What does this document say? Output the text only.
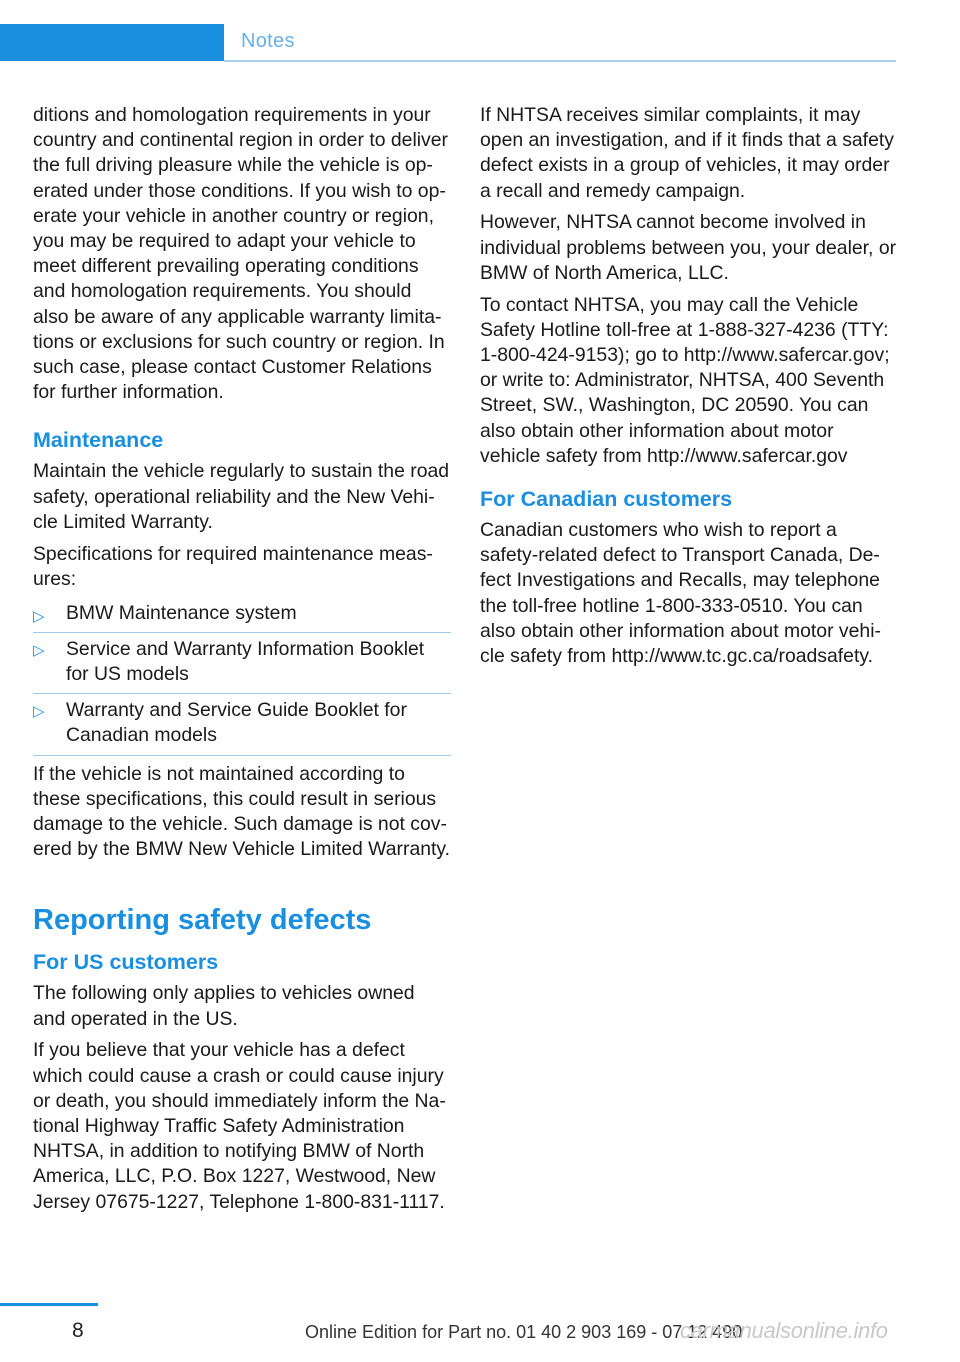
Notes

ditions and homologation requirements in your country and continental region in order to deliver the full driving pleasure while the vehicle is operated under those conditions. If you wish to operate your vehicle in another country or region, you may be required to adapt your vehicle to meet different prevailing operating conditions and homologation requirements. You should also be aware of any applicable warranty limitations or exclusions for such country or region. In such case, please contact Customer Relations for further information.

Maintenance

Maintain the vehicle regularly to sustain the road safety, operational reliability and the New Vehicle Limited Warranty.

Specifications for required maintenance measures:

▷ BMW Maintenance system
▷ Service and Warranty Information Booklet for US models
▷ Warranty and Service Guide Booklet for Canadian models

If the vehicle is not maintained according to these specifications, this could result in serious damage to the vehicle. Such damage is not covered by the BMW New Vehicle Limited Warranty.

Reporting safety defects
For US customers

The following only applies to vehicles owned and operated in the US.

If you believe that your vehicle has a defect which could cause a crash or could cause injury or death, you should immediately inform the National Highway Traffic Safety Administration NHTSA, in addition to notifying BMW of North America, LLC, P.O. Box 1227, Westwood, New Jersey 07675-1227, Telephone 1-800-831-1117.

If NHTSA receives similar complaints, it may open an investigation, and if it finds that a safety defect exists in a group of vehicles, it may order a recall and remedy campaign.

However, NHTSA cannot become involved in individual problems between you, your dealer, or BMW of North America, LLC.

To contact NHTSA, you may call the Vehicle Safety Hotline toll-free at 1-888-327-4236 (TTY: 1-800-424-9153); go to http://www.safercar.gov; or write to: Administrator, NHTSA, 400 Seventh Street, SW., Washington, DC 20590. You can also obtain other information about motor vehicle safety from http://www.safercar.gov

For Canadian customers

Canadian customers who wish to report a safety-related defect to Transport Canada, Defect Investigations and Recalls, may telephone the toll-free hotline 1-800-333-0510. You can also obtain other information about motor vehicle safety from http://www.tc.gc.ca/roadsafety.

8	Online Edition for Part no. 01 40 2 903 169 - 07 12 490
carmanualsonline.info
